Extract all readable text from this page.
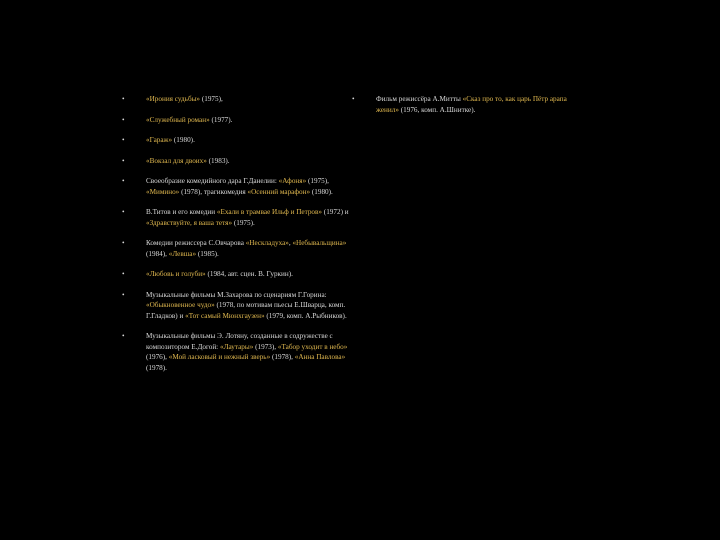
•	«Ирония судьбы» (1975),
•	«Служебный роман» (1977).
•	«Гараж» (1980).
•	«Вокзал для двоих» (1983).
•	Своеобразие комедийного дара Г.Данелии: «Афоня» (1975), «Мимино» (1978), трагикомедия «Осенний марафон» (1980).
•	В.Титов и его комедии «Ехали в трамвае Ильф и Петров» (1972) и «Здравствуйте, я ваша тетя» (1975).
•	Комедии режиссера С.Овчарова «Нескладуха», «Небывальщина» (1984), «Левша» (1985).
•	«Любовь и голуби» (1984, авт. сцен. В. Гуркин).
•	Музыкальные фильмы М.Захарова по сценариям Г.Горина: «Обыкновенное чудо» (1978, по мотивам пьесы Е.Шварца, комп. Г.Гладков) и «Тот самый Мюнхгаузен» (1979, комп. А.Рыбников).
•	Музыкальные фильмы Э. Лотяну, созданные в содружестве с композитором Е.Догой: «Лаутары» (1973), «Табор уходит в небо» (1976), «Мой ласковый и нежный зверь» (1978), «Анна Павлова» (1978).
•	Фильм режиссёра А.Митты «Сказ про то, как царь Пётр арапа женил» (1976, комп. А.Шнитке).
